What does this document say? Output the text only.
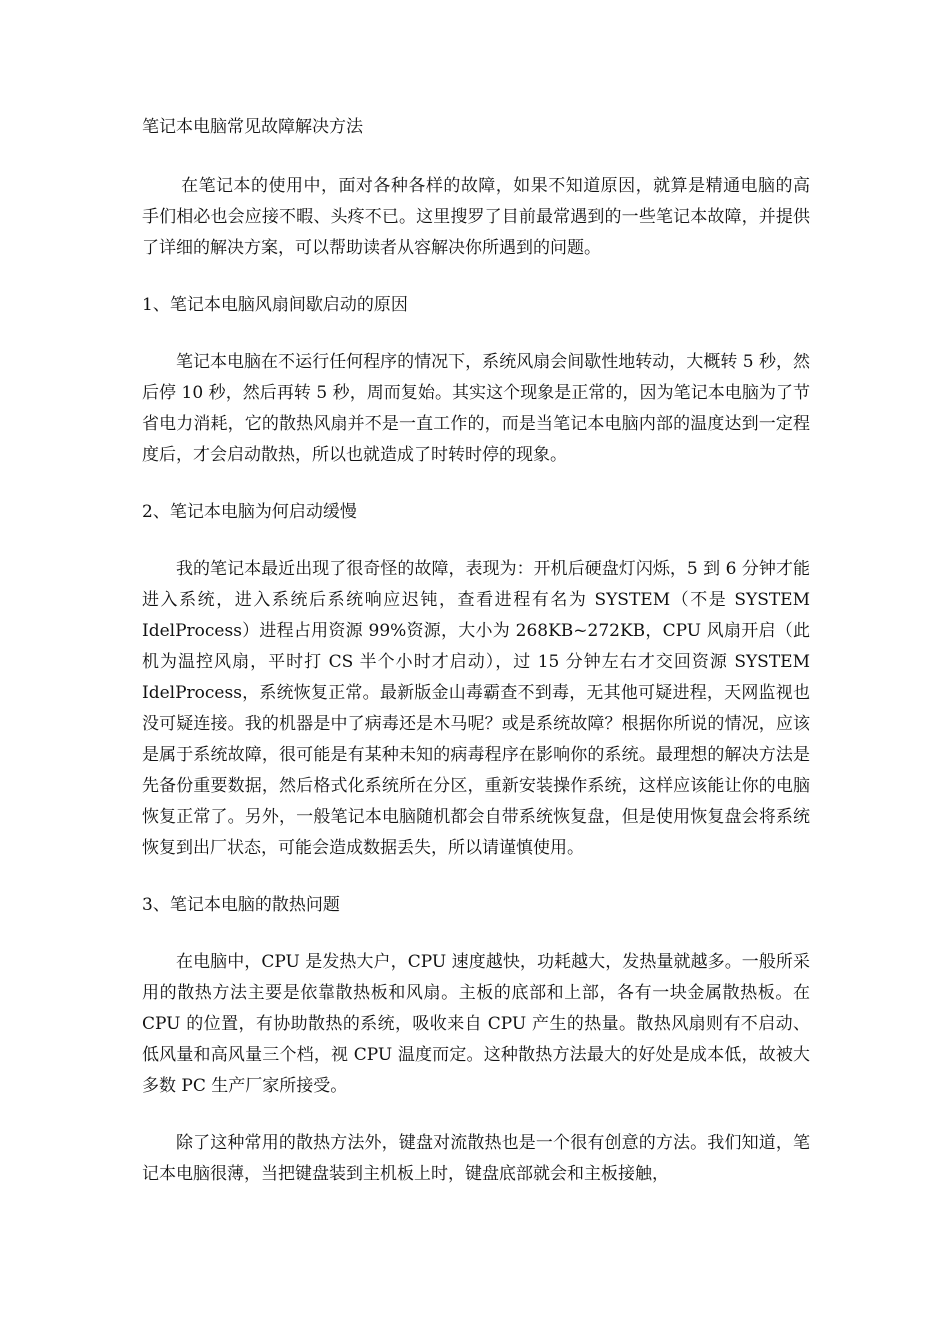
笔记本电脑常见故障解决方法

在笔记本的使用中，面对各种各样的故障，如果不知道原因，就算是精通电脑的高手们相必也会应接不暇、头疼不已。这里搜罗了目前最常遇到的一些笔记本故障，并提供了详细的解决方案，可以帮助读者从容解决你所遇到的问题。

1、笔记本电脑风扇间歇启动的原因

笔记本电脑在不运行任何程序的情况下，系统风扇会间歇性地转动，大概转 5 秒，然后停 10 秒，然后再转 5 秒，周而复始。其实这个现象是正常的，因为笔记本电脑为了节省电力消耗，它的散热风扇并不是一直工作的，而是当笔记本电脑内部的温度达到一定程度后，才会启动散热，所以也就造成了时转时停的现象。

2、笔记本电脑为何启动缓慢

我的笔记本最近出现了很奇怪的故障，表现为：开机后硬盘灯闪烁，5 到 6 分钟才能进入系统，进入系统后系统响应迟钝，查看进程有名为 SYSTEM（不是 SYSTEM IdelProcess）进程占用资源 99%资源，大小为 268KB~272KB，CPU 风扇开启（此机为温控风扇，平时打 CS 半个小时才启动），过 15 分钟左右才交回资源 SYSTEM IdelProcess，系统恢复正常。最新版金山毒霸查不到毒，无其他可疑进程，天网监视也没可疑连接。我的机器是中了病毒还是木马呢？或是系统故障？根据你所说的情况，应该是属于系统故障，很可能是有某种未知的病毒程序在影响你的系统。最理想的解决方法是先备份重要数据，然后格式化系统所在分区，重新安装操作系统，这样应该能让你的电脑恢复正常了。另外，一般笔记本电脑随机都会自带系统恢复盘，但是使用恢复盘会将系统恢复到出厂状态，可能会造成数据丢失，所以请谨慎使用。

3、笔记本电脑的散热问题

在电脑中，CPU 是发热大户，CPU 速度越快，功耗越大，发热量就越多。一般所采用的散热方法主要是依靠散热板和风扇。主板的底部和上部，各有一块金属散热板。在 CPU 的位置，有协助散热的系统，吸收来自 CPU 产生的热量。散热风扇则有不启动、低风量和高风量三个档，视 CPU 温度而定。这种散热方法最大的好处是成本低，故被大多数 PC 生产厂家所接受。

除了这种常用的散热方法外，键盘对流散热也是一个很有创意的方法。我们知道，笔记本电脑很薄，当把键盘装到主机板上时，键盘底部就会和主板接触，
